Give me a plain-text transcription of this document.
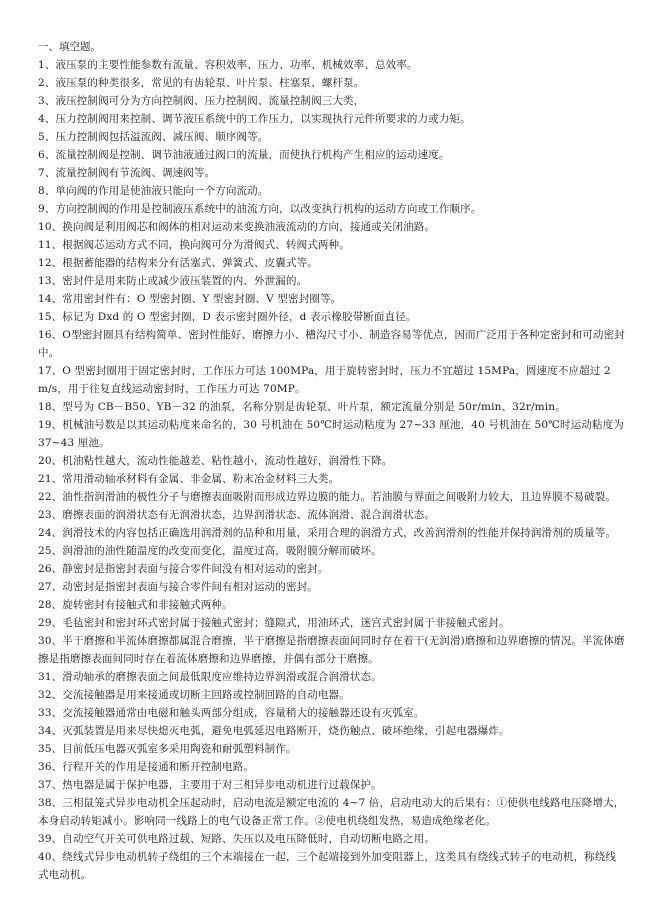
一、填空题。

1、液压泵的主要性能参数有流量、容积效率、压力、功率、机械效率、总效率。

2、液压泵的种类很多，常见的有齿轮泵、叶片泵、柱塞泵、螺杆泵。

3、液压控制阀可分为方向控制阀、压力控制阀、流量控制阀三大类，

4、压力控制阀用来控制、调节液压系统中的工作压力，以实现执行元件所要求的力或力矩。

5、压力控制阀包括溢流阀、减压阀、顺序阀等。

6、流量控制阀是控制、调节油液通过阀口的流量，而使执行机构产生相应的运动速度。

7、流量控制阀有节流阀、调速阀等。

8、单向阀的作用是使油液只能向一个方向流动。

9、方向控制阀的作用是控制液压系统中的油流方向，以改变执行机构的运动方向或工作顺序。

10、换向阀是利用阀芯和阀体的相对运动来变换油液流动的方向，接通或关闭油路。

11、根据阀芯运动方式不同，换向阀可分为滑阀式、转阀式两种。

12、根据蓄能器的结构来分有活塞式、弹簧式、皮囊式等。

13、密封件是用来防止或减少液压装置的内、外泄漏的。

14、常用密封件有：O 型密封圈、Y 型密封圈、V 型密封圈等。

15、标记为 Dxd 的 O 型密封圈，D 表示密封圈外径，d 表示橡胶带断面直径。

16、O型密封圈具有结构简单、密封性能好、磨擦力小、槽沟尺寸小、制造容易等优点，因而广泛用于各种定密封和可动密封中。

17、O 型密封圈用于固定密封时，工作压力可达 100MPa，用于旋转密封时，压力不宜超过 15MPa，圆速度不应超过 2 m/s，用于往复直线运动密封时，工作压力可达 70MP。

18、型号为 CB－B50、YB－32 的油泵，名称分别是齿轮泵、叶片泵，额定流量分别是 50r/min、32r/min。

19、机械油号数是以其运动粘度来命名的，30 号机油在 50℃时运动粘度为 27~33 厘池，40 号机油在 50℃时运动粘度为 37~43 厘池。

20、机油粘性越大，流动性能越差、粘性越小，流动性越好，润滑性下降。

21、常用滑动轴承材料有金属、非金属、粉末冶金材料三大类。

22、油性指润滑油的极性分子与磨擦表面吸附而形成边界边膜的能力。若油膜与界面之间吸附力较大，且边界膜不易破裂。

23、磨擦表面的润滑状态有无润滑状态，边界润滑状态、流体润滑、混合润滑状态。

24、润滑技术的内容包括正确选用润滑剂的品种和用量，采用合理的润滑方式，改善润滑剂的性能并保持润滑剂的质量等。

25、润滑油的油性随温度的改变而变化，温度过高，吸附膜分解而破坏。

26、静密封是指密封表面与接合零件间没有相对运动的密封。

27、动密封是指密封表面与接合零件间有相对运动的密封。

28、旋转密封有接触式和非接触式两种。

29、毛毡密封和密封环式密封属于接触式密封；缝隙式，用油环式，迷宫式密封属于非接触式密封。

30、半干磨擦和半流体磨擦都属混合磨擦，半干磨擦是指磨擦表面间同时存在着干(无润滑)磨擦和边界磨擦的情况。半流体磨擦是指磨擦表面间同时存在着流体磨擦和边界磨擦，并偶有部分干磨擦。

31、滑动轴承的磨擦表面之间最低限度应维持边界润滑或混合润滑状态。

32、交流接触器是用来接通或切断主回路或控制回路的自动电器。

33、交流接触器通常由电磁和触头两部分组成，容量稍大的接触器还设有灭弧室。

34、灭弧装置是用来尽快熄灭电弧，避免电弧延迟电路断开，烧伤触点、破坏绝缘，引起电器爆炸。

35、目前低压电器灭弧室多采用陶瓷和耐弧塑料制作。

36、行程开关的作用是接通和断开控制电路。

37、热电器是属于保护电器，主要用于对三相异步电动机进行过载保护。

38、三相鼠笼式异步电动机全压起动时，启动电流是额定电流的 4~7 倍，启动电动大的后果有：①使供电线路电压降增大，本身启动转矩减小。影响同一线路上的电气设备正常工作。②使电机绕组发热，易造成绝缘老化。

39、自动空气开关可供电路过载、短路、失压以及电压降低时，自动切断电路之用。

40、绕线式异步电动机转子绕组的三个末端接在一起，三个起端接到外加变阻器上，这类具有绕线式转子的电动机，称绕线式电动机。
